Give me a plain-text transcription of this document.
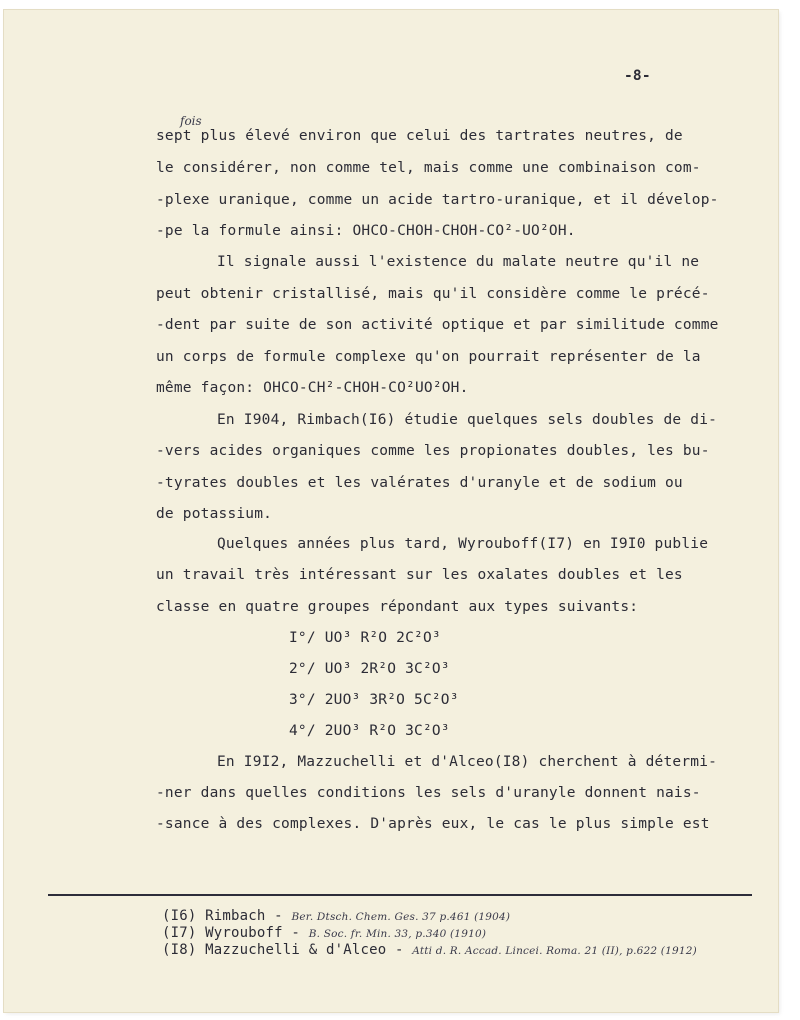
-8-
fois
sept plus élevé environ que celui des tartrates neutres, de
le considérer, non comme tel, mais comme une combinaison com-
-plexe uranique, comme un acide tartro-uranique, et il dévelop-
-pe la formule ainsi: OHCO-CHOH-CHOH-CO²-UO²OH.
Il signale aussi l'existence du malate neutre qu'il ne
peut obtenir cristallisé, mais qu'il considère comme le précé-
-dent par suite de son activité optique et par similitude comme
un corps de formule complexe qu'on pourrait représenter de la
même façon: OHCO-CH²-CHOH-CO²UO²OH.
En I904, Rimbach(I6) étudie quelques sels doubles de di-
-vers acides organiques comme les propionates doubles, les bu-
-tyrates doubles et les valérates d'uranyle et de sodium ou
de potassium.
Quelques années plus tard, Wyrouboff(I7) en I9I0 publie
un travail très intéressant sur les oxalates doubles et les
classe en quatre groupes répondant aux types suivants:
I°/ UO³ R²O 2C²O³
2°/ UO³ 2R²O 3C²O³
3°/ 2UO³ 3R²O 5C²O³
4°/ 2UO³ R²O 3C²O³
En I9I2, Mazzuchelli et d'Alceo(I8) cherchent à détermi-
-ner dans quelles conditions les sels d'uranyle donnent nais-
-sance à des complexes. D'après eux, le cas le plus simple est
(I6) Rimbach - Ber. Dtsch. Chem. Ges. 37 p.461 (1904)
(I7) Wyrouboff - B. Soc. fr. Min. 33, p.340 (1910)
(I8) Mazzuchelli & d'Alceo - Atti d. R. Accad. Lincei. Roma. 21 (II), p.622 (1912)
